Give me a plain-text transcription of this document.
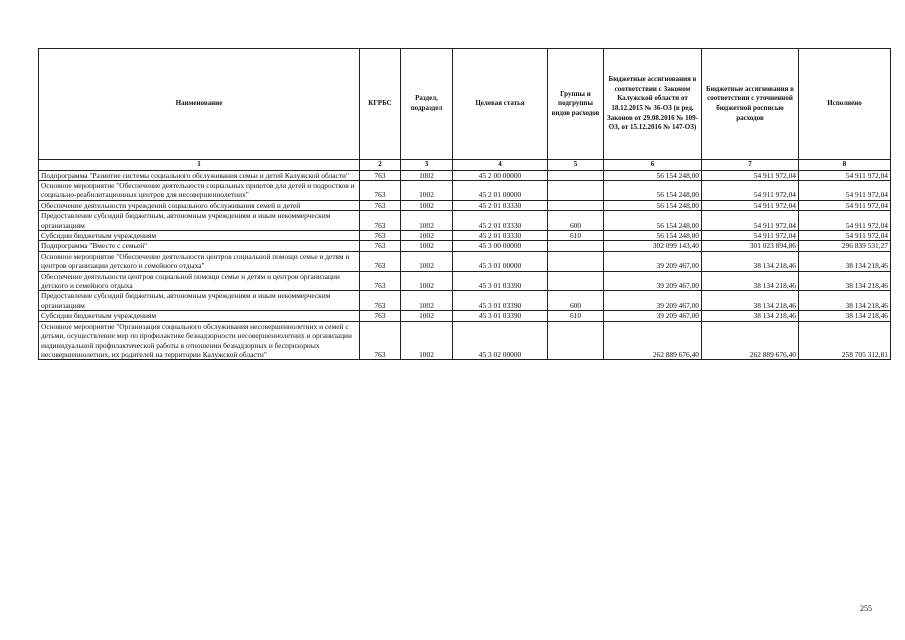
Наименование	КГРБС	Раздел, подраздел	Целевая статья	Группы и подгруппы видов расходов	Бюджетные ассигнования в соответствии с Законом Калужской области от 18.12.2015 № 36-ОЗ (в ред. Законов от 29.08.2016 № 109-ОЗ, от 15.12.2016 № 147-ОЗ)	Бюджетные ассигнования в соответствии с уточненной бюджетной росписью расходов	Исполнено
1	2	3	4	5	6	7	8
Подпрограмма "Развитие системы социального обслуживания семьи и детей Калужской области"	763	1002	45 2 00 00000		56 154 248,00	54 911 972,04	54 911 972,04
Основное мероприятие "Обеспечение деятельности социальных приютов для детей и подростков и социально-реабилитационных центров для несовершеннолетних"	763	1002	45 2 01 00000		56 154 248,00	54 911 972,04	54 911 972,04
Обеспечение деятельности учреждений социального обслуживания семей и детей	763	1002	45 2 01 03330		56 154 248,00	54 911 972,04	54 911 972,04
Предоставление субсидий бюджетным, автономным учреждениям и иным некоммерческим организациям	763	1002	45 2 01 03330	600	56 154 248,00	54 911 972,04	54 911 972,04
Субсидии бюджетным учреждениям	763	1002	45 2 01 03330	610	56 154 248,00	54 911 972,04	54 911 972,04
Подпрограмма "Вместе с семьей"	763	1002	45 3 00 00000		302 099 143,40	301 023 894,86	296 839 531,27
Основное мероприятие "Обеспечение деятельности центров социальной помощи семье и детям и центров организации детского и семейного отдыха"	763	1002	45 3 01 00000		39 209 467,00	38 134 218,46	38 134 218,46
Обеспечение деятельности центров социальной помощи семье и детям и центров организации детского и семейного отдыха	763	1002	45 3 01 03390		39 209 467,00	38 134 218,46	38 134 218,46
Предоставление субсидий бюджетным, автономным учреждениям и иным некоммерческим организациям	763	1002	45 3 01 03390	600	39 209 467,00	38 134 218,46	38 134 218,46
Субсидии бюджетным учреждениям	763	1002	45 3 01 03390	610	39 209 467,00	38 134 218,46	38 134 218,46
Основное мероприятие "Организация социального обслуживания несовершеннолетних и семей с детьми, осуществление мер по профилактике безнадзорности несовершеннолетних и организации индивидуальной профилактической работы в отношении безнадзорных и беспризорных несовершеннолетних, их родителей на территории Калужской области"	763	1002	45 3 02 00000		262 889 676,40	262 889 676,40	258 705 312,81
255
